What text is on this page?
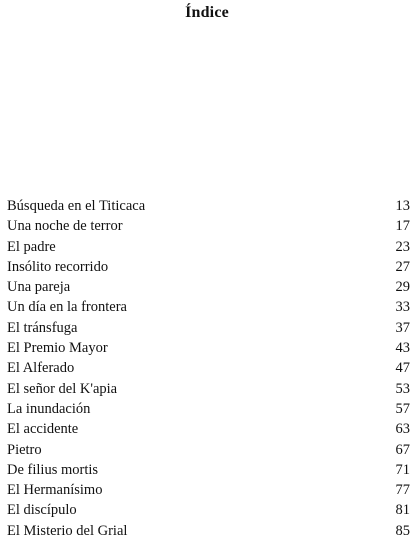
Índice
Búsqueda en el Titicaca	13
Una noche de terror	17
El padre	23
Insólito recorrido	27
Una pareja	29
Un día en la frontera	33
El tránsfuga	37
El Premio Mayor	43
El Alferado	47
El señor del K'apia	53
La inundación	57
El accidente	63
Pietro	67
De filius mortis	71
El Hermanísimo	77
El discípulo	81
El Misterio del Grial	85
